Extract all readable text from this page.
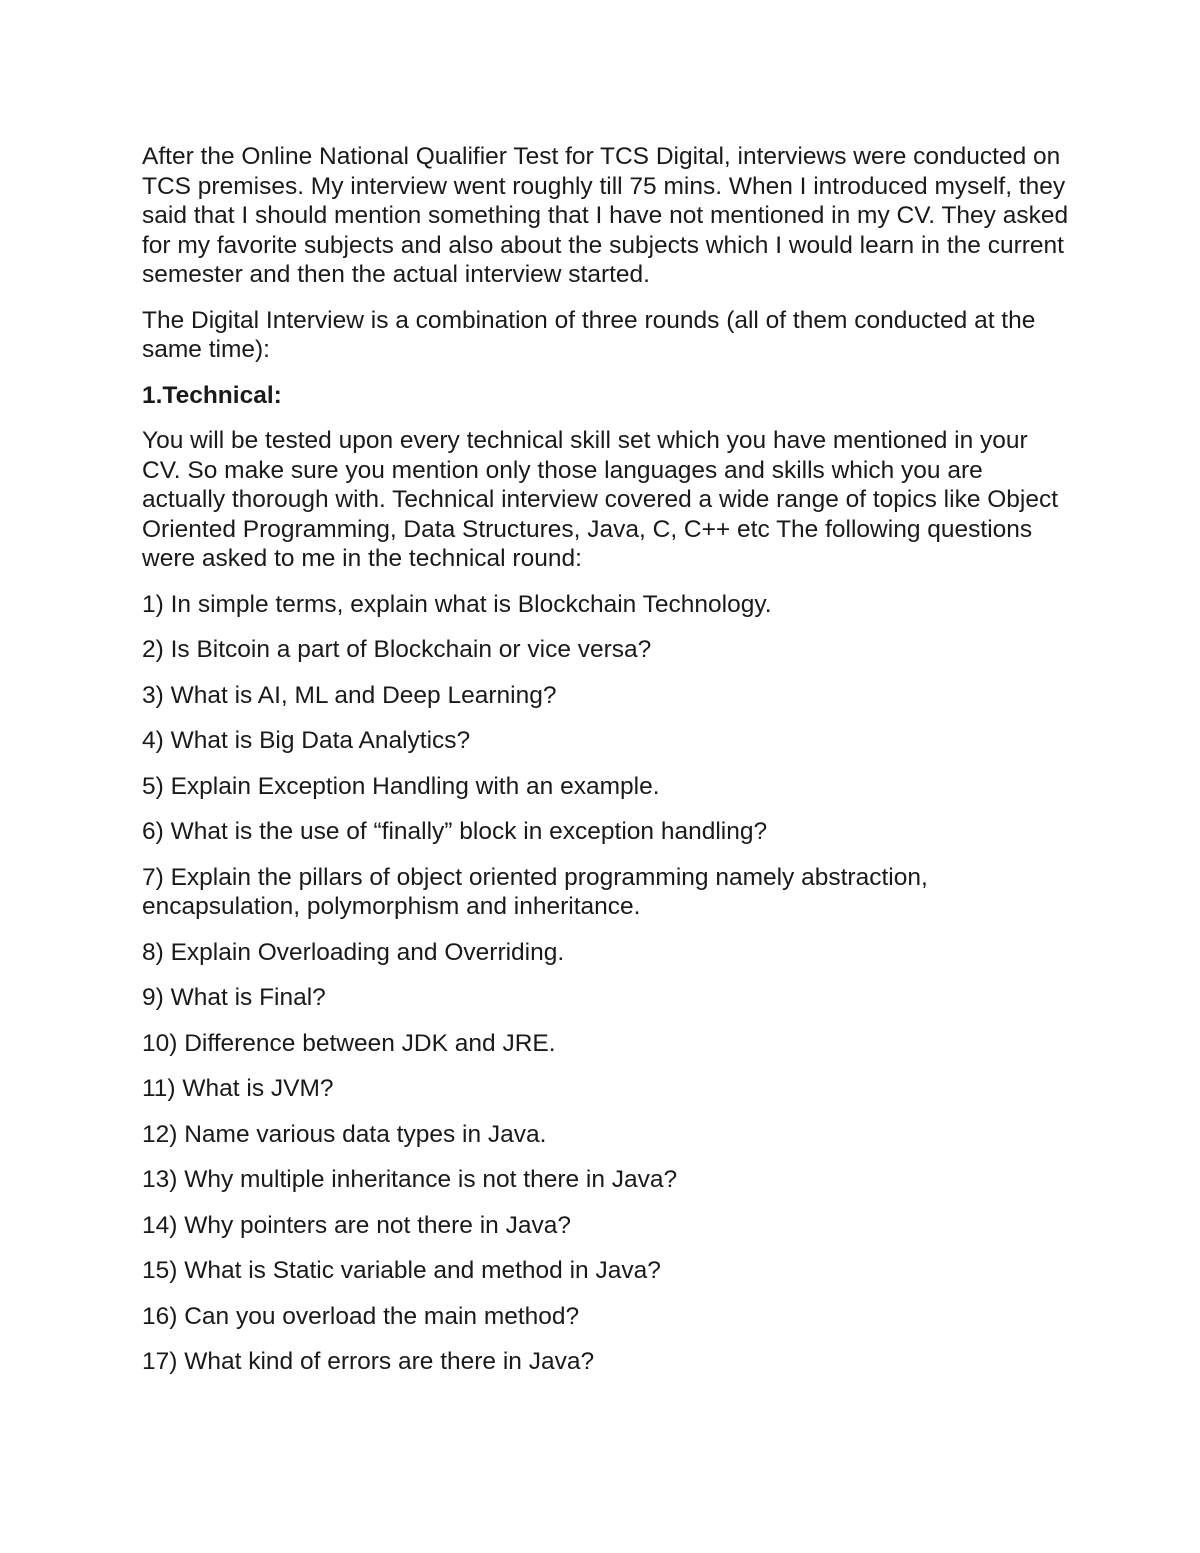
After the Online National Qualifier Test for TCS Digital, interviews were conducted on TCS premises. My interview went roughly till 75 mins. When I introduced myself, they said that I should mention something that I have not mentioned in my CV. They asked for my favorite subjects and also about the subjects which I would learn in the current semester and then the actual interview started.

The Digital Interview is a combination of three rounds (all of them conducted at the same time):

1.Technical:

You will be tested upon every technical skill set which you have mentioned in your CV. So make sure you mention only those languages and skills which you are actually thorough with. Technical interview covered a wide range of topics like Object Oriented Programming, Data Structures, Java, C, C++ etc The following questions were asked to me in the technical round:

1) In simple terms, explain what is Blockchain Technology.
2) Is Bitcoin a part of Blockchain or vice versa?
3) What is AI, ML and Deep Learning?
4) What is Big Data Analytics?
5) Explain Exception Handling with an example.
6) What is the use of “finally” block in exception handling?
7) Explain the pillars of object oriented programming namely abstraction, encapsulation, polymorphism and inheritance.
8) Explain Overloading and Overriding.
9) What is Final?
10) Difference between JDK and JRE.
11) What is JVM?
12) Name various data types in Java.
13) Why multiple inheritance is not there in Java?
14) Why pointers are not there in Java?
15) What is Static variable and method in Java?
16) Can you overload the main method?
17) What kind of errors are there in Java?
